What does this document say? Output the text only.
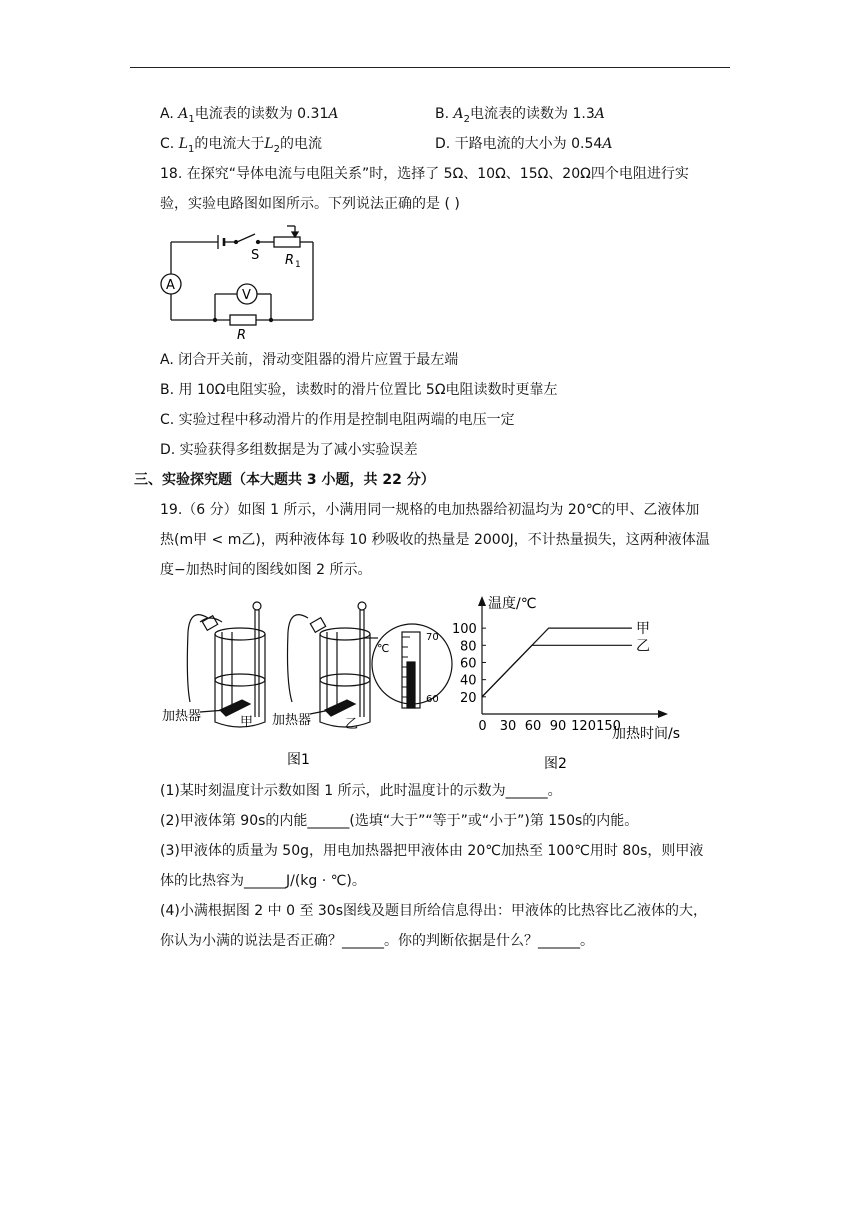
A. $A_1$电流表的读数为 0.31A	B. $A_2$电流表的读数为 1.3A
C. $L_1$的电流大于$L_2$的电流	D. 干路电流的大小为 0.54A
18. 在探究“导体电流与电阻关系”时，选择了 5Ω、10Ω、15Ω、20Ω四个电阻进行实
验，实验电路图如图所示。下列说法正确的是 ( )
A
V
S R 1
R
A. 闭合开关前，滑动变阻器的滑片应置于最左端
B. 用 10Ω电阻实验，读数时的滑片位置比 5Ω电阻读数时更靠左
C. 实验过程中移动滑片的作用是控制电阻两端的电压一定
D. 实验获得多组数据是为了减小实验误差
三、实验探究题（本大题共 3 小题，共 22 分）
19.（6 分）如图 1 所示，小满用同一规格的电加热器给初温均为 20℃的甲、乙液体加
热(m甲 < m乙)，两种液体每 10 秒吸收的热量是 2000J，不计热量损失，这两种液体温
度−加热时间的图线如图 2 所示。
加热器	甲 加热器	乙
℃
70
60
图1
0 30 60 90 120 150
20
40
60
80
100	甲
乙
温度/℃
加热时间/s
图2
(1)某时刻温度计示数如图 1 所示，此时温度计的示数为______。
(2)甲液体第 90s的内能______(选填“大于”“等于”或“小于”)第 150s的内能。
(3)甲液体的质量为 50g，用电加热器把甲液体由 20℃加热至 100℃用时 80s，则甲液
体的比热容为______J/(kg · ℃)。
(4)小满根据图 2 中 0 至 30s图线及题目所给信息得出：甲液体的比热容比乙液体的大，
你认为小满的说法是否正确？______。你的判断依据是什么？______。
